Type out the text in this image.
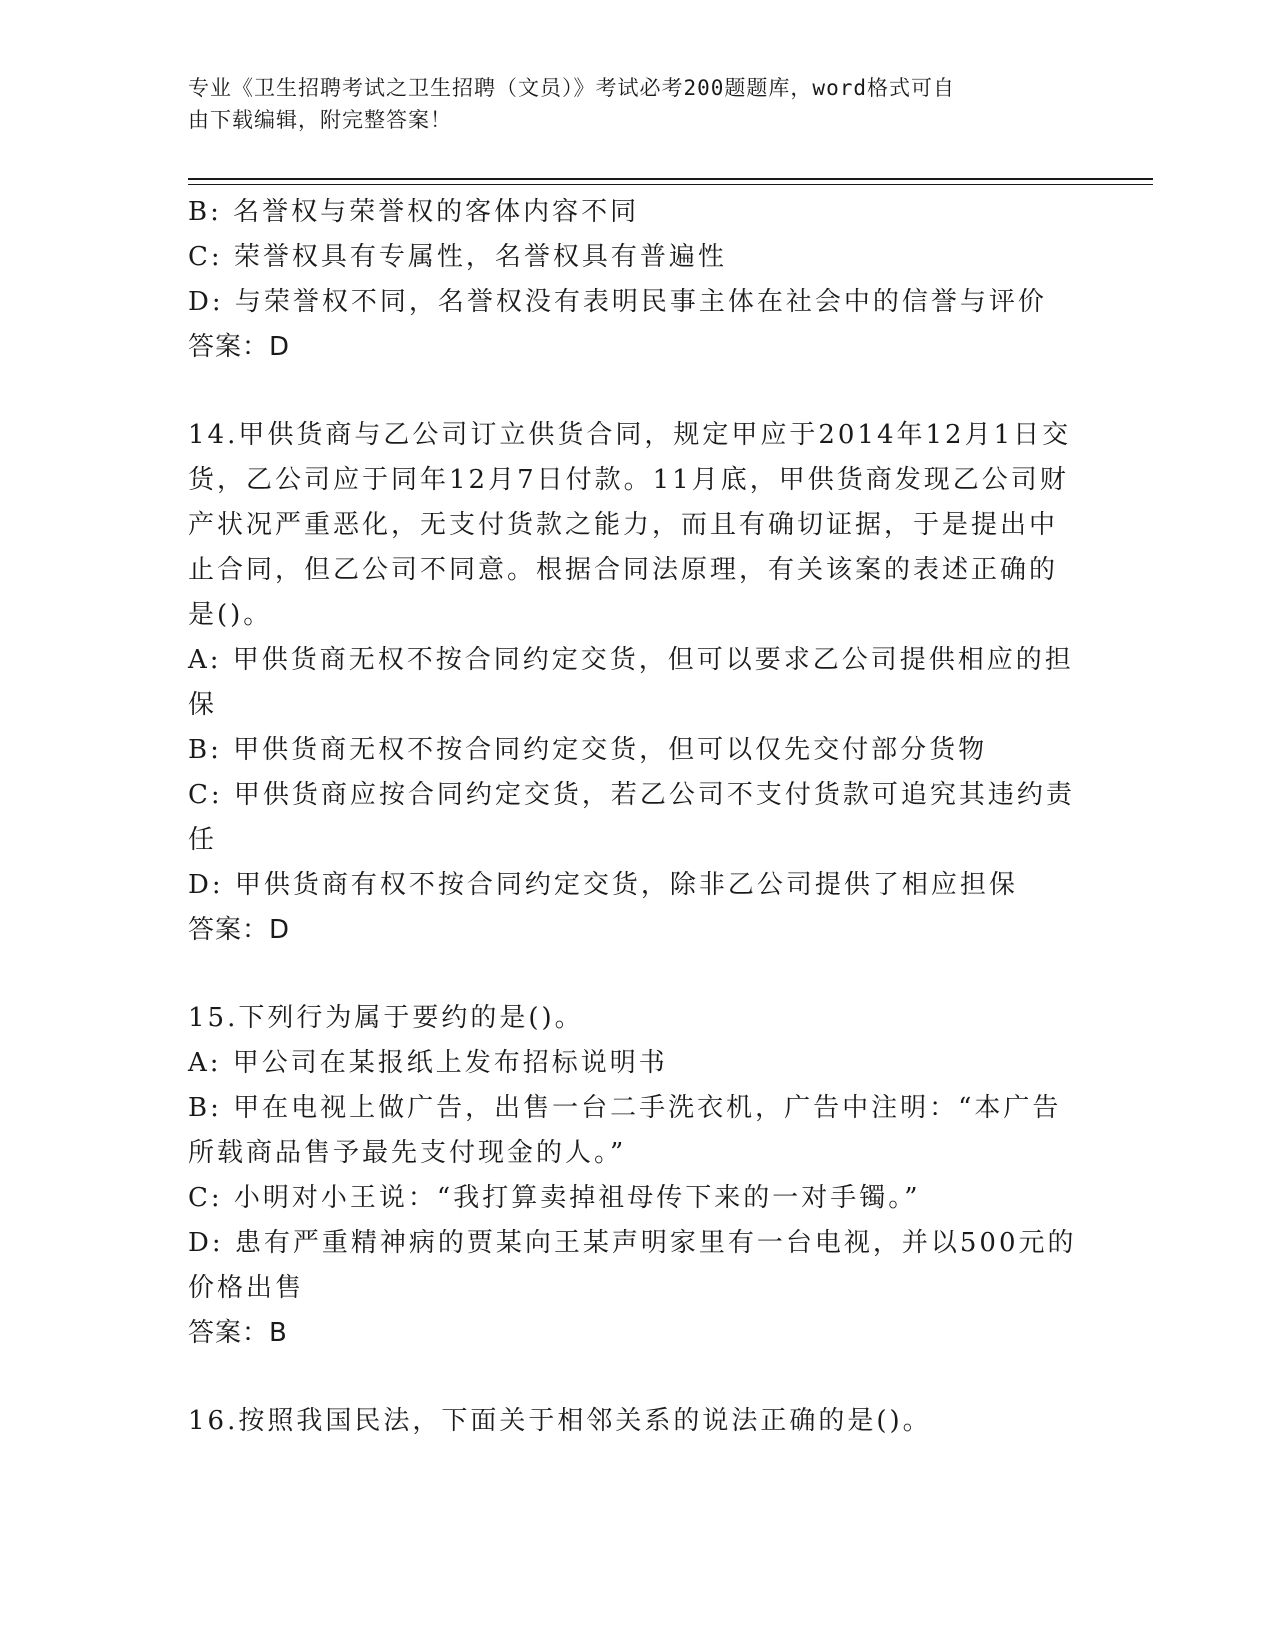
专业《卫生招聘考试之卫生招聘（文员）》考试必考200题题库，word格式可自
由下载编辑，附完整答案！
B: 名誉权与荣誉权的客体内容不同
C: 荣誉权具有专属性，名誉权具有普遍性
D: 与荣誉权不同，名誉权没有表明民事主体在社会中的信誉与评价
答案：D
14.甲供货商与乙公司订立供货合同，规定甲应于2014年12月1日交
货，乙公司应于同年12月7日付款。11月底，甲供货商发现乙公司财
产状况严重恶化，无支付货款之能力，而且有确切证据，于是提出中
止合同，但乙公司不同意。根据合同法原理，有关该案的表述正确的
是()。
A: 甲供货商无权不按合同约定交货，但可以要求乙公司提供相应的担
保
B: 甲供货商无权不按合同约定交货，但可以仅先交付部分货物
C: 甲供货商应按合同约定交货，若乙公司不支付货款可追究其违约责
任
D: 甲供货商有权不按合同约定交货，除非乙公司提供了相应担保
答案：D
15.下列行为属于要约的是()。
A: 甲公司在某报纸上发布招标说明书
B: 甲在电视上做广告，出售一台二手洗衣机，广告中注明：“本广告
所载商品售予最先支付现金的人。”
C: 小明对小王说：“我打算卖掉祖母传下来的一对手镯。”
D: 患有严重精神病的贾某向王某声明家里有一台电视，并以500元的
价格出售
答案：B
16.按照我国民法，下面关于相邻关系的说法正确的是()。
